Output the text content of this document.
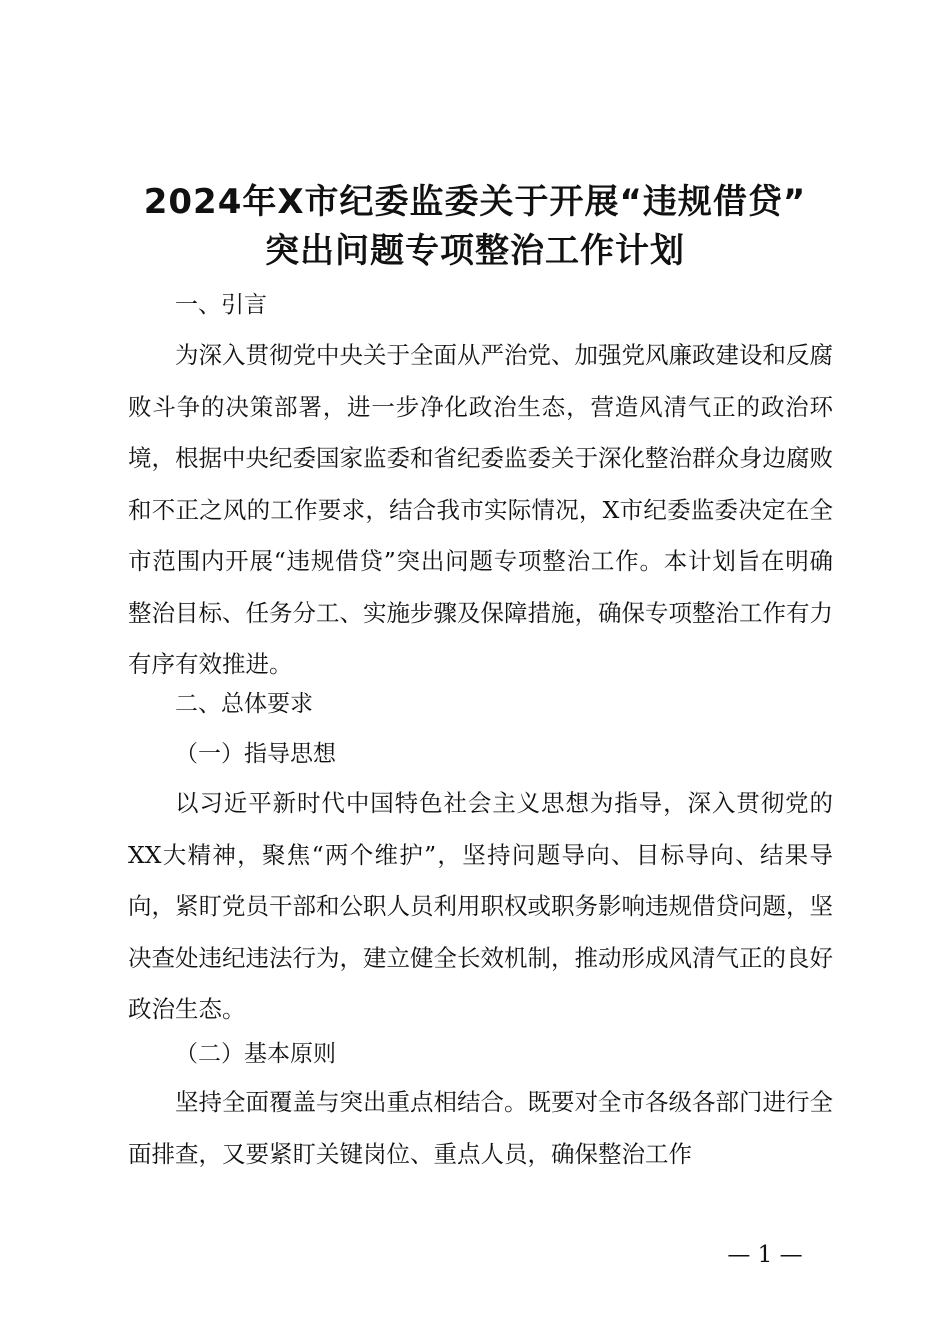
2024年X市纪委监委关于开展“违规借贷”
突出问题专项整治工作计划
一、引言

为深入贯彻党中央关于全面从严治党、加强党风廉政建设和反腐败斗争的决策部署，进一步净化政治生态，营造风清气正的政治环境，根据中央纪委国家监委和省纪委监委关于深化整治群众身边腐败和不正之风的工作要求，结合我市实际情况，X市纪委监委决定在全市范围内开展“违规借贷”突出问题专项整治工作。本计划旨在明确整治目标、任务分工、实施步骤及保障措施，确保专项整治工作有力有序有效推进。

二、总体要求
（一）指导思想

以习近平新时代中国特色社会主义思想为指导，深入贯彻党的XX大精神，聚焦“两个维护”，坚持问题导向、目标导向、结果导向，紧盯党员干部和公职人员利用职权或职务影响违规借贷问题，坚决查处违纪违法行为，建立健全长效机制，推动形成风清气正的良好政治生态。

（二）基本原则

坚持全面覆盖与突出重点相结合。既要对全市各级各部门进行全面排查，又要紧盯关键岗位、重点人员，确保整治工作

— 1 —
